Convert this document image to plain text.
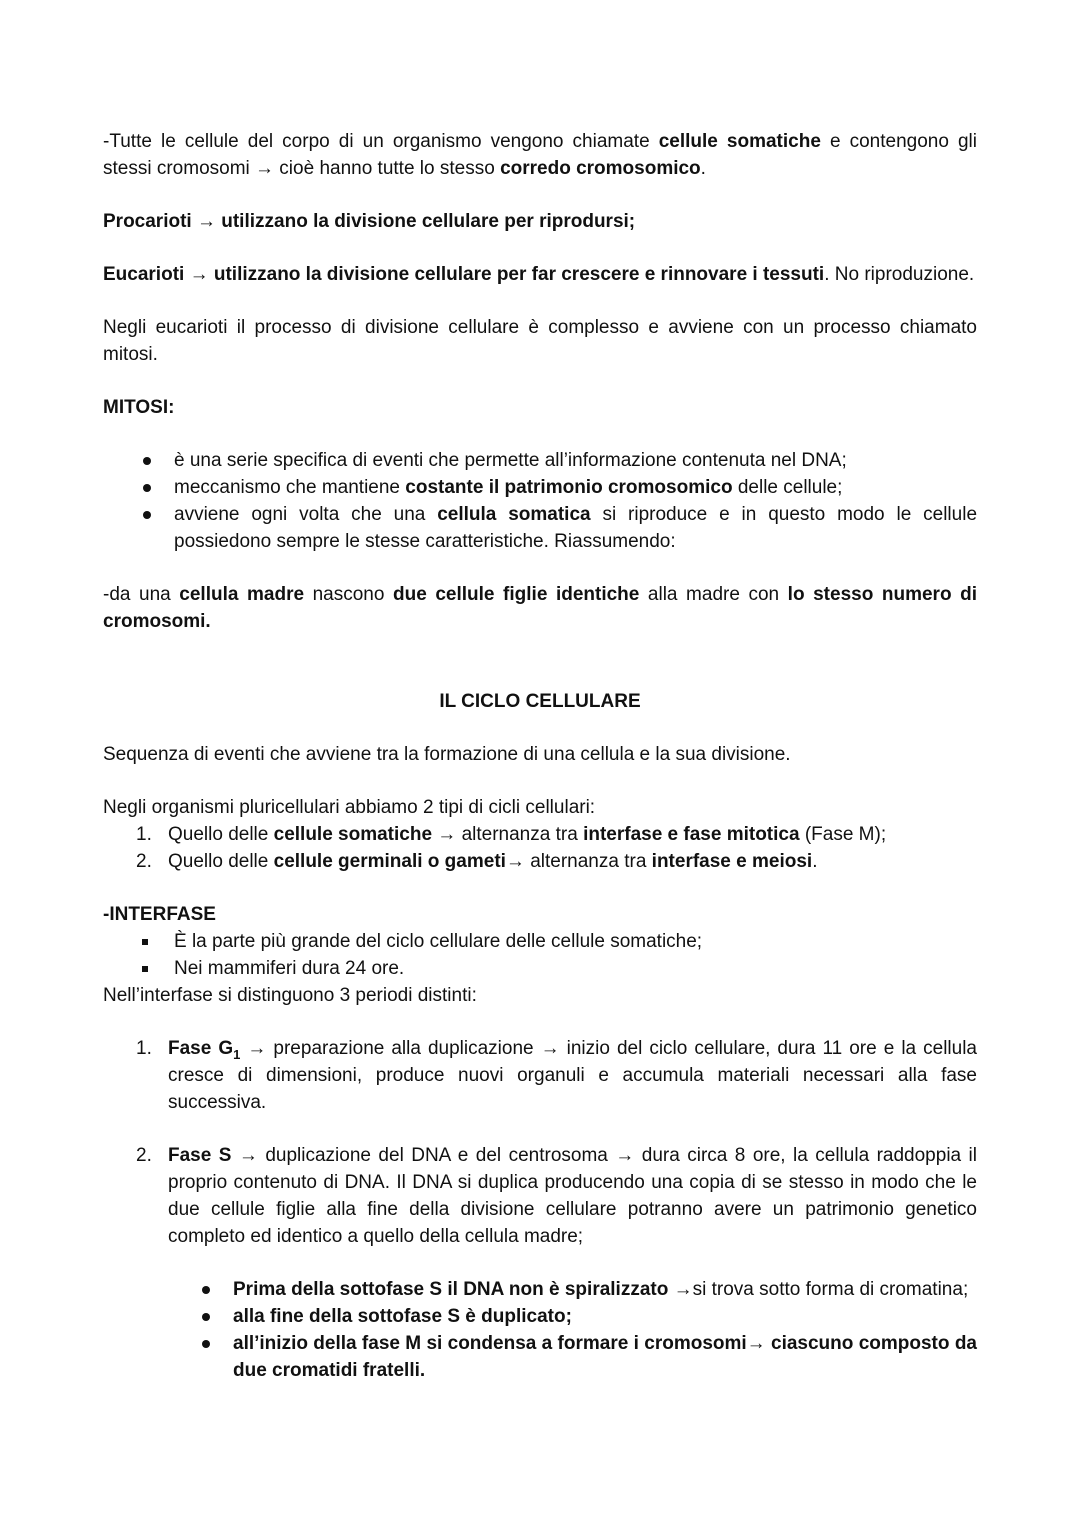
-Tutte le cellule del corpo di un organismo vengono chiamate cellule somatiche e contengono gli stessi cromosomi → cioè hanno tutte lo stesso corredo cromosomico.

Procarioti → utilizzano la divisione cellulare per riprodursi;

Eucarioti → utilizzano la divisione cellulare per far crescere e rinnovare i tessuti. No riproduzione.

Negli eucarioti il processo di divisione cellulare è complesso e avviene con un processo chiamato mitosi.

MITOSI:

è una serie specifica di eventi che permette all’informazione contenuta nel DNA;
meccanismo che mantiene costante il patrimonio cromosomico delle cellule;
avviene ogni volta che una cellula somatica si riproduce e in questo modo le cellule possiedono sempre le stesse caratteristiche. Riassumendo:

-da una cellula madre nascono due cellule figlie identiche alla madre con lo stesso numero di cromosomi.

IL CICLO CELLULARE

Sequenza di eventi che avviene tra la formazione di una cellula e la sua divisione.

Negli organismi pluricellulari abbiamo 2 tipi di cicli cellulari:

1. Quello delle cellule somatiche → alternanza tra interfase e fase mitotica (Fase M);
2. Quello delle cellule germinali o gameti→ alternanza tra interfase e meiosi.

-INTERFASE

È la parte più grande del ciclo cellulare delle cellule somatiche;
Nei mammiferi dura 24 ore.

Nell’interfase si distinguono 3 periodi distinti:

1. Fase $G_1$ → preparazione alla duplicazione → inizio del ciclo cellulare, dura 11 ore e la cellula cresce di dimensioni, produce nuovi organuli e accumula materiali necessari alla fase successiva.
2. Fase S → duplicazione del DNA e del centrosoma → dura circa 8 ore, la cellula raddoppia il proprio contenuto di DNA. Il DNA si duplica producendo una copia di se stesso in modo che le due cellule figlie alla fine della divisione cellulare potranno avere un patrimonio genetico completo ed identico a quello della cellula madre;
Prima della sottofase S il DNA non è spiralizzato →si trova sotto forma di cromatina;
alla fine della sottofase S è duplicato;
all’inizio della fase M si condensa a formare i cromosomi→ ciascuno composto da due cromatidi fratelli.
